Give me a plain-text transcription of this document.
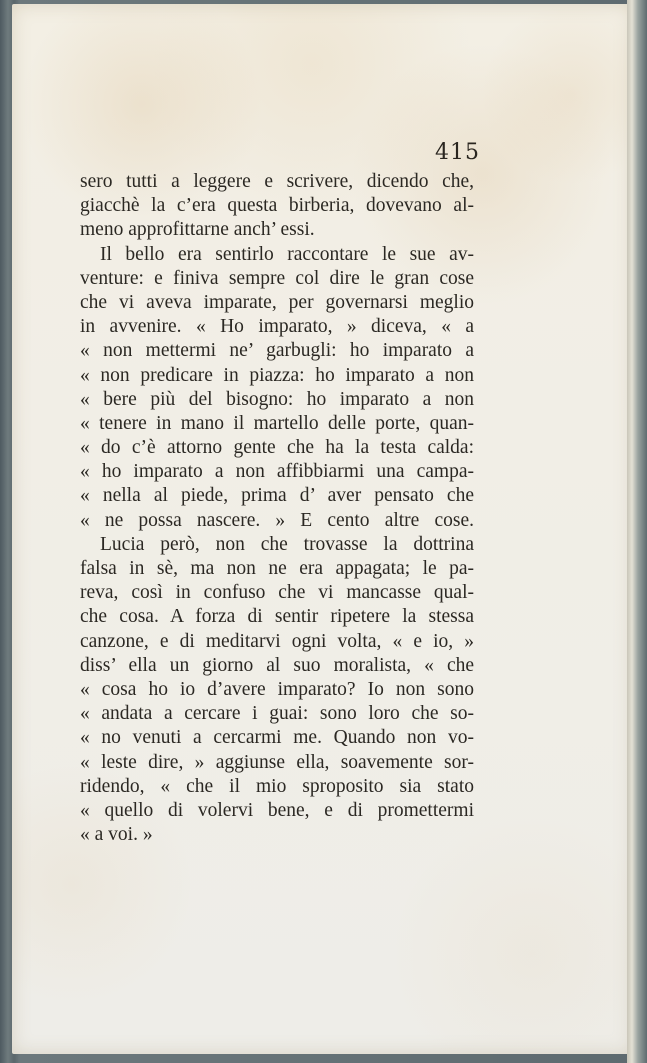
415
sero tutti a leggere e scrivere, dicendo che,
giacchè la c’era questa birberia, dovevano al-
meno approfittarne anch’ essi.
Il bello era sentirlo raccontare le sue av-
venture: e finiva sempre col dire le gran cose
che vi aveva imparate, per governarsi meglio
in avvenire. « Ho imparato, » diceva, « a
« non mettermi ne’ garbugli: ho imparato a
« non predicare in piazza: ho imparato a non
« bere più del bisogno: ho imparato a non
« tenere in mano il martello delle porte, quan-
« do c’è attorno gente che ha la testa calda:
« ho imparato a non affibbiarmi una campa-
« nella al piede, prima d’ aver pensato che
« ne possa nascere. » E cento altre cose.
Lucia però, non che trovasse la dottrina
falsa in sè, ma non ne era appagata; le pa-
reva, così in confuso che vi mancasse qual-
che cosa. A forza di sentir ripetere la stessa
canzone, e di meditarvi ogni volta, « e io, »
diss’ ella un giorno al suo moralista, « che
« cosa ho io d’avere imparato? Io non sono
« andata a cercare i guai: sono loro che so-
« no venuti a cercarmi me. Quando non vo-
« leste dire, » aggiunse ella, soavemente sor-
ridendo, « che il mio sproposito sia stato
« quello di volervi bene, e di promettermi
« a voi. »
